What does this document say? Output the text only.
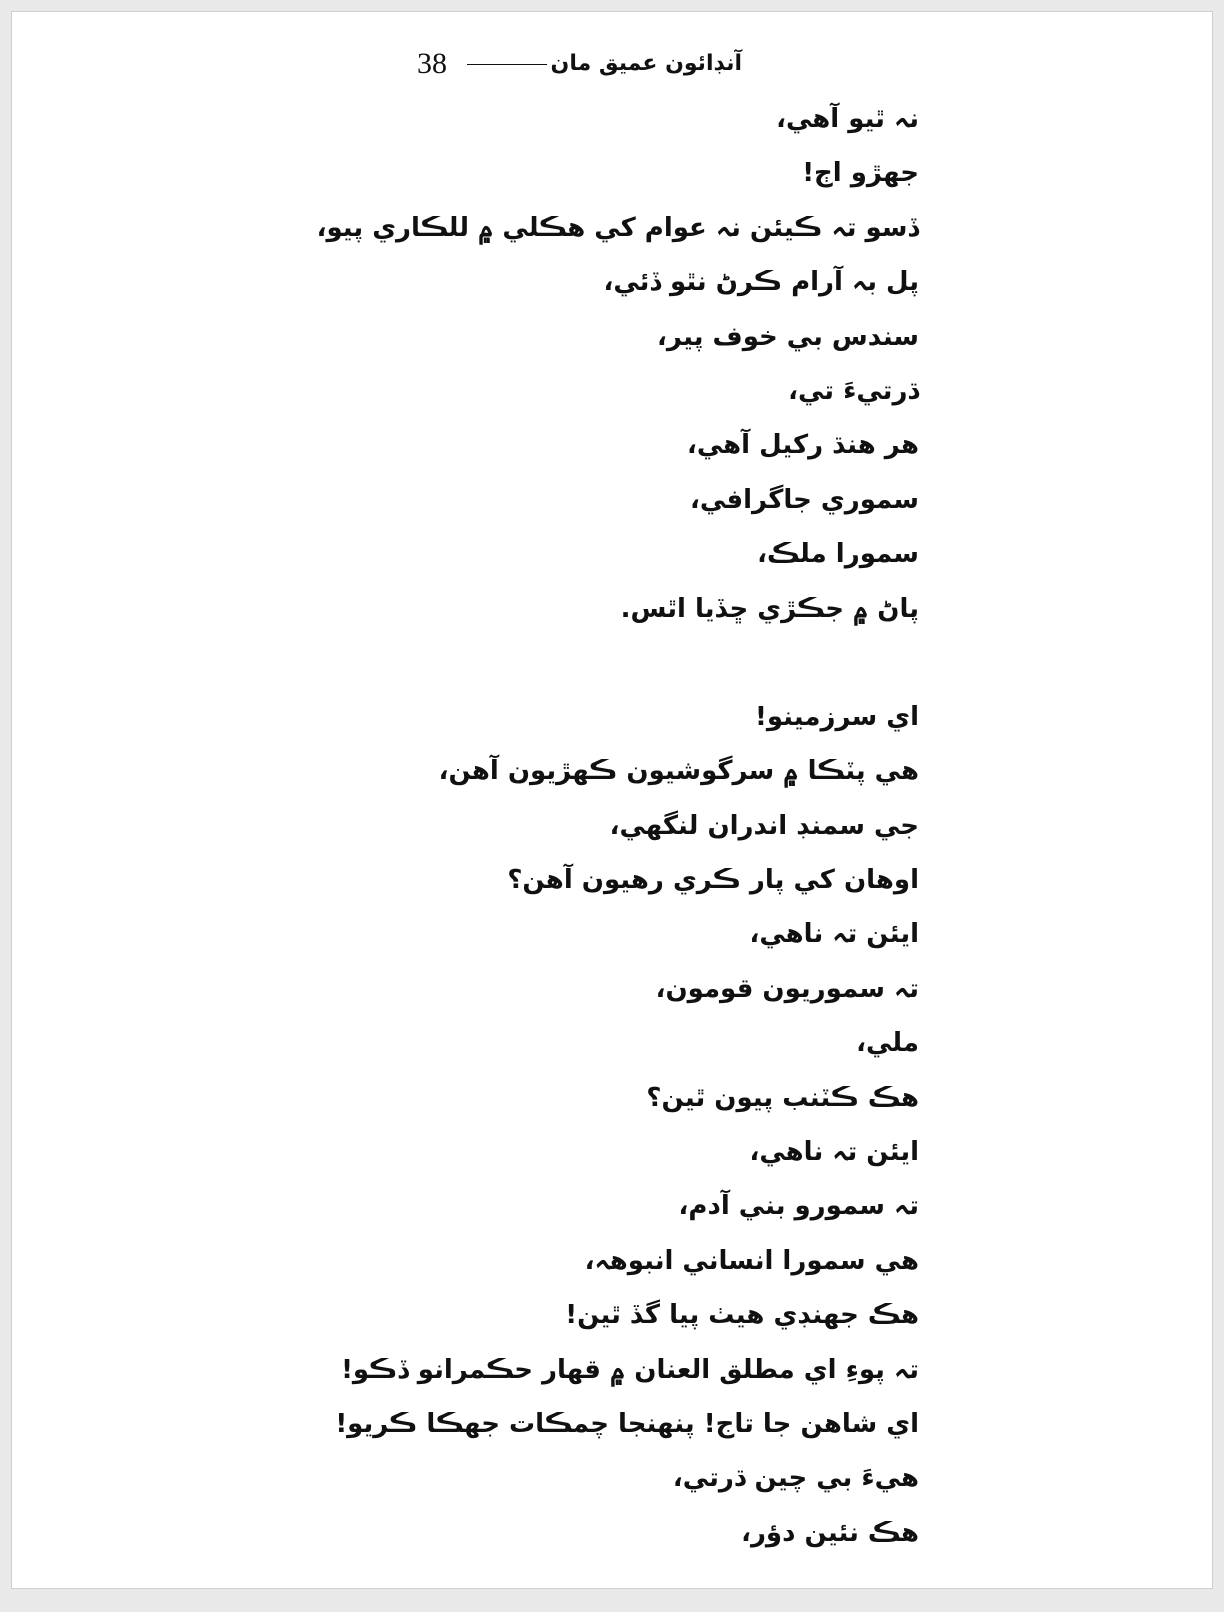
38	آنڊائون عميق مان
نہ ٿيو آهي،
جهڙو اڄ!
ڏسو تہ ڪيئن نہ عوام کي هڪلي ۾ للڪاري پيو،
پل بہ آرام ڪرڻ نٿو ڏئي،
سندس بي خوف پير،
ڌرتيءَ تي،
هر هنڌ رکيل آهي،
سموري جاگرافي،
سمورا ملڪ،
پاڻ ۾ جڪڙي ڇڏيا اٿس.
اي سرزمينو!
هي پٽڪا ۾ سرگوشيون ڪهڙيون آهن،
جي سمنڊ اندران لنگهي،
اوهان کي پار ڪري رهيون آهن؟
ايئن تہ ناهي،
تہ سموريون قومون،
ملي،
هڪ ڪٽنب پيون ٿين؟
ايئن تہ ناهي،
تہ سمورو بني آدم،
هي سمورا انساني انبوهہ،
هڪ جهنڊي هيٺ پيا گڏ ٿين!
تہ پوءِ اي مطلق العنان ۾ قهار حڪمرانو ڏڪو!
اي شاهن جا تاج! پنهنجا چمڪات جهڪا ڪريو!
هيءَ بي چين ڌرتي،
هڪ نئين دؤر،
